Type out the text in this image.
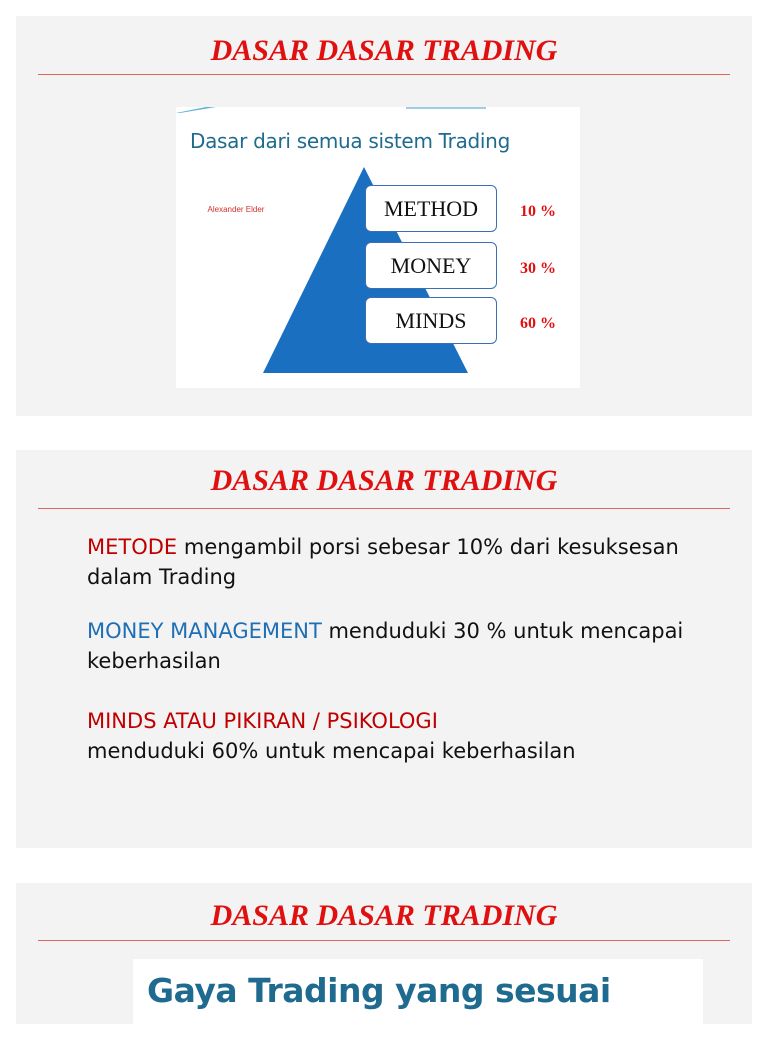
DASAR DASAR TRADING
Dasar dari semua sistem Trading
Alexander Elder	METHOD
MONEY
MINDS
10 %
30 %
60 %
DASAR DASAR TRADING
METODE mengambil porsi sebesar 10% dari kesuksesan dalam Trading
MONEY MANAGEMENT menduduki 30 % untuk mencapai keberhasilan
MINDS ATAU PIKIRAN / PSIKOLOGI
menduduki 60% untuk mencapai keberhasilan
DASAR DASAR TRADING
Gaya Trading yang sesuai
